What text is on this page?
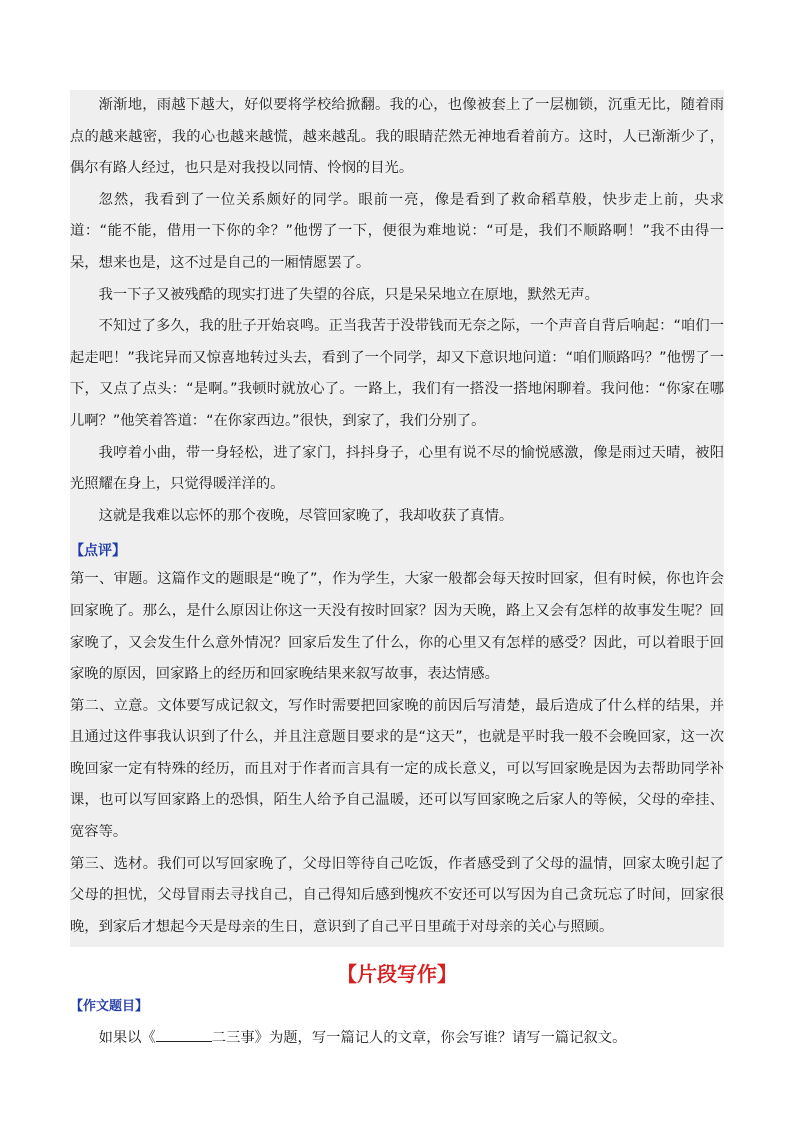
渐渐地，雨越下越大，好似要将学校给掀翻。我的心，也像被套上了一层枷锁，沉重无比，随着雨点的越来越密，我的心也越来越慌，越来越乱。我的眼睛茫然无神地看着前方。这时，人已渐渐少了，偶尔有路人经过，也只是对我投以同情、怜悯的目光。

忽然，我看到了一位关系颇好的同学。眼前一亮，像是看到了救命稻草般，快步走上前，央求道：“能不能，借用一下你的伞？”他愣了一下，便很为难地说：“可是，我们不顺路啊！”我不由得一呆，想来也是，这不过是自己的一厢情愿罢了。

我一下子又被残酷的现实打进了失望的谷底，只是呆呆地立在原地，默然无声。

不知过了多久，我的肚子开始哀鸣。正当我苦于没带钱而无奈之际，一个声音自背后响起：“咱们一起走吧！”我诧异而又惊喜地转过头去，看到了一个同学，却又下意识地问道：“咱们顺路吗？”他愣了一下，又点了点头：“是啊。”我顿时就放心了。一路上，我们有一搭没一搭地闲聊着。我问他：“你家在哪儿啊？”他笑着答道：“在你家西边。”很快，到家了，我们分别了。

我哼着小曲，带一身轻松，进了家门，抖抖身子，心里有说不尽的愉悦感激，像是雨过天晴，被阳光照耀在身上，只觉得暖洋洋的。

这就是我难以忘怀的那个夜晚，尽管回家晚了，我却收获了真情。

【点评】

第一、审题。这篇作文的题眼是“晚了”，作为学生，大家一般都会每天按时回家，但有时候，你也许会回家晚了。那么，是什么原因让你这一天没有按时回家？因为天晚，路上又会有怎样的故事发生呢？回家晚了，又会发生什么意外情况？回家后发生了什么，你的心里又有怎样的感受？因此，可以着眼于回家晚的原因，回家路上的经历和回家晚结果来叙写故事，表达情感。

第二、立意。文体要写成记叙文，写作时需要把回家晚的前因后写清楚，最后造成了什么样的结果，并且通过这件事我认识到了什么，并且注意题目要求的是“这天”，也就是平时我一般不会晚回家，这一次晚回家一定有特殊的经历，而且对于作者而言具有一定的成长意义，可以写回家晚是因为去帮助同学补课，也可以写回家路上的恐惧，陌生人给予自己温暖，还可以写回家晚之后家人的等候，父母的牵挂、宽容等。

第三、选材。我们可以写回家晚了，父母旧等待自己吃饭，作者感受到了父母的温情，回家太晚引起了父母的担忧，父母冒雨去寻找自己，自己得知后感到愧疚不安还可以写因为自己贪玩忘了时间，回家很晚，到家后才想起今天是母亲的生日，意识到了自己平日里疏于对母亲的关心与照顾。

【片段写作】
【作文题目】

如果以《	二三事》为题，写一篇记人的文章，你会写谁？请写一篇记叙文。
